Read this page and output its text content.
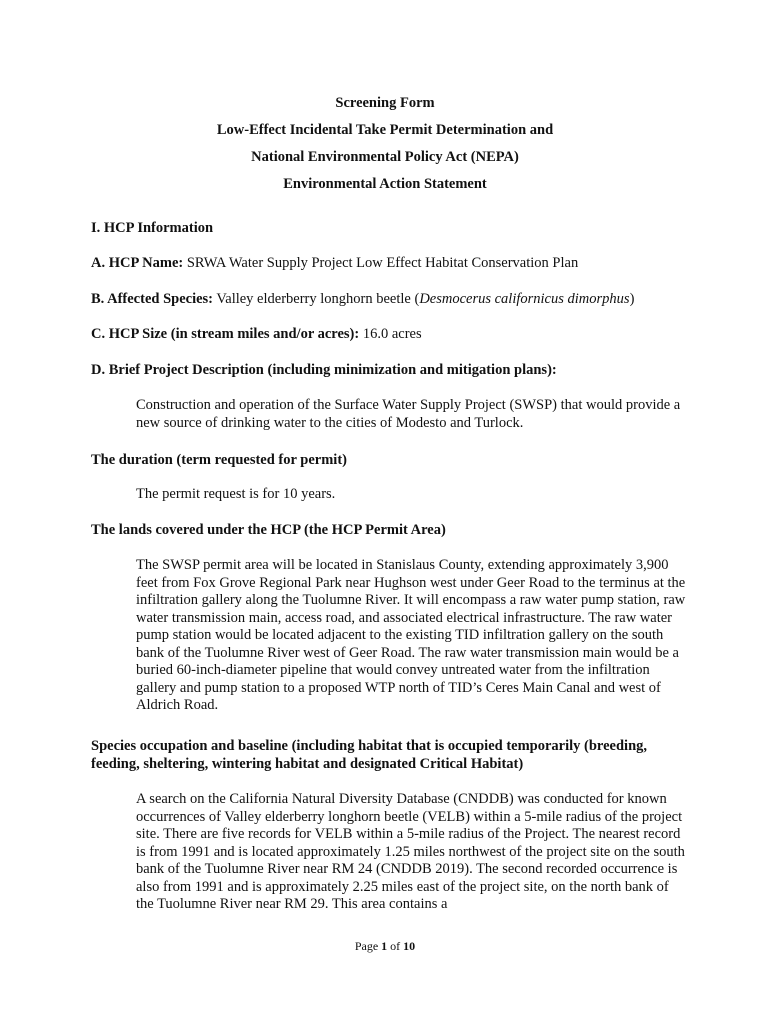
Screening Form
Low-Effect Incidental Take Permit Determination and
National Environmental Policy Act (NEPA)
Environmental Action Statement
I. HCP Information
A. HCP Name: SRWA Water Supply Project Low Effect Habitat Conservation Plan
B. Affected Species: Valley elderberry longhorn beetle (Desmocerus californicus dimorphus)
C. HCP Size (in stream miles and/or acres): 16.0 acres
D. Brief Project Description (including minimization and mitigation plans):
Construction and operation of the Surface Water Supply Project (SWSP) that would provide a new source of drinking water to the cities of Modesto and Turlock.
The duration (term requested for permit)
The permit request is for 10 years.
The lands covered under the HCP (the HCP Permit Area)
The SWSP permit area will be located in Stanislaus County, extending approximately 3,900 feet from Fox Grove Regional Park near Hughson west under Geer Road to the terminus at the infiltration gallery along the Tuolumne River. It will encompass a raw water pump station, raw water transmission main, access road, and associated electrical infrastructure. The raw water pump station would be located adjacent to the existing TID infiltration gallery on the south bank of the Tuolumne River west of Geer Road. The raw water transmission main would be a buried 60-inch-diameter pipeline that would convey untreated water from the infiltration gallery and pump station to a proposed WTP north of TID’s Ceres Main Canal and west of Aldrich Road.
Species occupation and baseline (including habitat that is occupied temporarily (breeding, feeding, sheltering, wintering habitat and designated Critical Habitat)
A search on the California Natural Diversity Database (CNDDB) was conducted for known occurrences of Valley elderberry longhorn beetle (VELB) within a 5-mile radius of the project site. There are five records for VELB within a 5-mile radius of the Project. The nearest record is from 1991 and is located approximately 1.25 miles northwest of the project site on the south bank of the Tuolumne River near RM 24 (CNDDB 2019). The second recorded occurrence is also from 1991 and is approximately 2.25 miles east of the project site, on the north bank of the Tuolumne River near RM 29. This area contains a
Page 1 of 10
